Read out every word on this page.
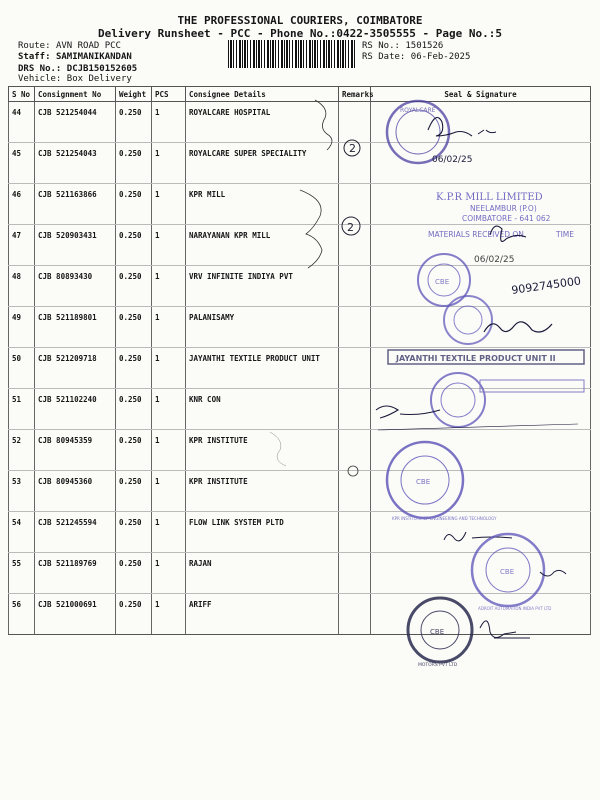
THE PROFESSIONAL COURIERS, COIMBATORE
Delivery Runsheet - PCC - Phone No.:0422-3505555 - Page No.:5
Route: AVN ROAD PCC
Staff: SAMIMANIKANDAN
DRS No.: DCJB150152605
Vehicle: Box Delivery
RS No.: 1501526
RS Date: 06-Feb-2025
S No	Consignment No	Weight	PCS	Consignee Details	Remarks	Seal & Signature
44	CJB 521254044	0.250	1	ROYALCARE HOSPITAL		
45	CJB 521254043	0.250	1	ROYALCARE SUPER SPECIALITY		
46	CJB 521163866	0.250	1	KPR MILL		
47	CJB 520903431	0.250	1	NARAYANAN KPR MILL		
48	CJB 80893430	0.250	1	VRV INFINITE INDIYA PVT		
49	CJB 521189801	0.250	1	PALANISAMY		
50	CJB 521209718	0.250	1	JAYANTHI TEXTILE PRODUCT UNIT		
51	CJB 521102240	0.250	1	KNR CON		
52	CJB 80945359	0.250	1	KPR INSTITUTE		
53	CJB 80945360	0.250	1	KPR INSTITUTE		
54	CJB 521245594	0.250	1	FLOW LINK SYSTEM PLTD		
55	CJB 521189769	0.250	1	RAJAN		
56	CJB 521000691	0.250	1	ARIFF		
2
ROYALCARE
06/02/25
2
K.P.R MILL LIMITED
NEELAMBUR (P.O)
COIMBATORE - 641 062
MATERIALS RECEIVED ON	TIME
06/02/25
CBE	9092745000
JAYANTHI TEXTILE PRODUCT UNIT II
CBE
KPR INSTITUTE OF ENGINEERING AND TECHNOLOGY
CBE
ADROIT AUTOMATION INDIA PVT LTD
CBE
MOTORS PVT LTD
